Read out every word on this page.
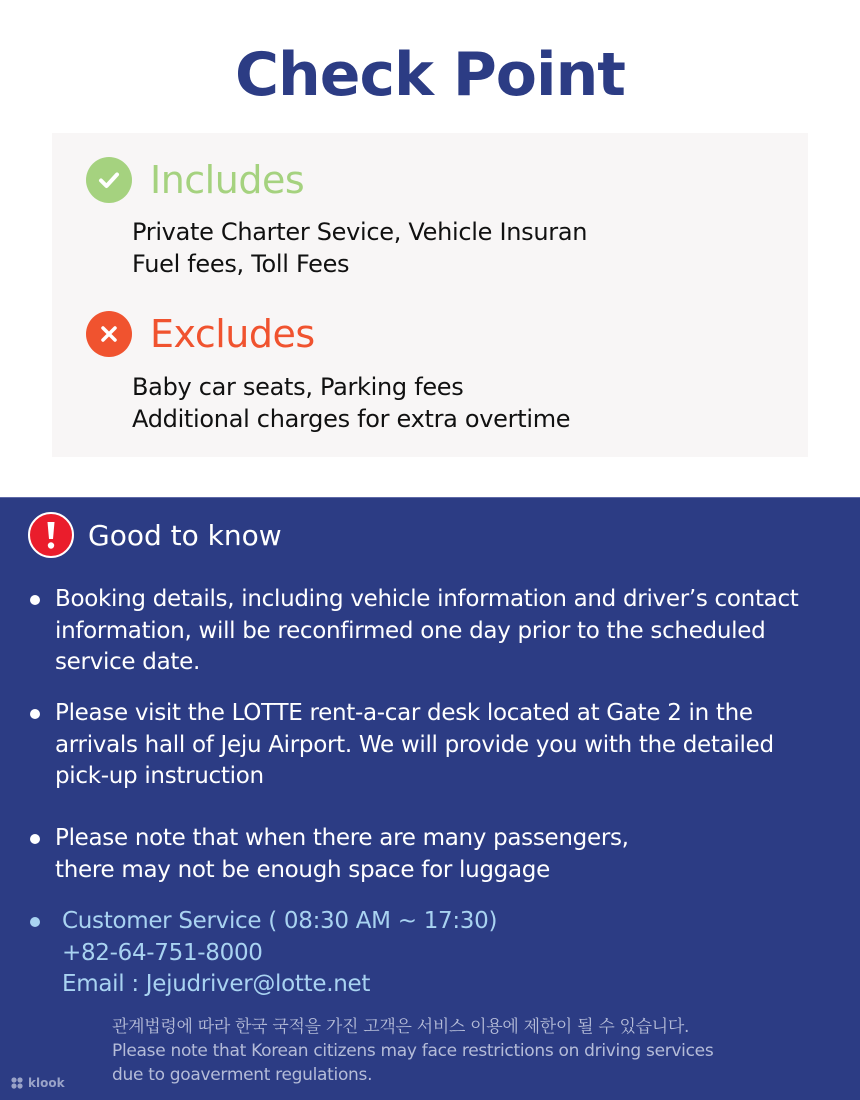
Check Point
Includes
Private Charter Sevice, Vehicle Insuran
Fuel fees, Toll Fees
Excludes
Baby car seats, Parking fees
Additional charges for extra overtime
Good to know
Booking details, including vehicle information and driver’s contact
information, will be reconfirmed one day prior to the scheduled
service date.
Please visit the LOTTE rent-a-car desk located at Gate 2 in the
arrivals hall of Jeju Airport. We will provide you with the detailed
pick-up instruction
Please note that when there are many passengers,
there may not be enough space for luggage
Customer Service ( 08:30 AM ~ 17:30)
+82-64-751-8000
Email : Jejudriver@lotte.net
관계법령에 따라 한국 국적을 가진 고객은 서비스 이용에 제한이 될 수 있습니다.
Please note that Korean citizens may face restrictions on driving services
due to goaverment regulations.
klook
